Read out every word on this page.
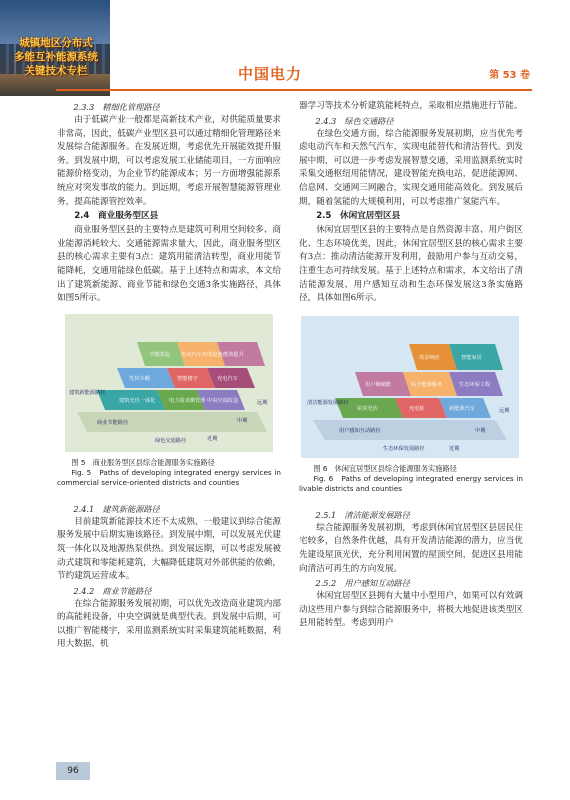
城镇地区分布式
多能互补能源系统
关键技术专栏	中国电力	第 53 卷

2.3.3　精细化管理路径

由于低碳产业一般都是高新技术产业，对供能质量要求非常高，因此，低碳产业型区县可以通过精细化管理路径来发展综合能源服务。在发展近期，考虑优先开展能效提升服务。到发展中期，可以考虑发展工业储能项目，一方面响应能源价格变动，为企业节约能源成本；另一方面增强能源系统应对突发事故的能力。到远期，考虑开展智慧能源管理业务，提高能源管控效率。

2.4　商业服务型区县

商业服务型区县的主要特点是建筑可利用空间较多、商业能源消耗较大、交通能源需求量大，因此，商业服务型区县的核心需求主要有3点：建筑用能清洁转型，商业用能节能降耗，交通用能绿色低碳。基于上述特点和需求，本文给出了建筑新能源、商业节能和绿色交通3条实施路径，具体如图5所示。

建筑光伏一体化	电力需求侧管理 中央空调改造
光伏车棚	智能楼宇	充电汽车
节能改造 电动汽车充电设施 能效提升
建筑新能源路径
商业节能路径
绿色交通路径	近期
中期
远期

图 5　商业服务型区县综合能源服务实施路径

Fig. 5　Paths of developing integrated energy services in commercial service-oriented districts and counties

2.4.1　建筑新能源路径

目前建筑新能源技术还不太成熟，一般建议到综合能源服务发展中后期实施该路径。到发展中期，可以发展光伏建筑一体化以及地源热泵供热。到发展远期，可以考虑发展被动式建筑和零能耗建筑，大幅降低建筑对外部供能的依赖，节约建筑运营成本。

2.4.2　商业节能路径

在综合能源服务发展初期，可以优先改造商业建筑内部的高能耗设备，中央空调就是典型代表。到发展中后期，可以推广智能楼宇，采用监测系统实时采集建筑能耗数据，利用大数据、机

器学习等技术分析建筑能耗特点，采取相应措施进行节能。

2.4.3　绿色交通路径

在绿色交通方面，综合能源服务发展初期，应当优先考虑电动汽车和天然气汽车，实现电能替代和清洁替代。到发展中期，可以进一步考虑发展智慧交通，采用监测系统实时采集交通枢纽用能情况，建设智能充换电站，促进能源网、信息网、交通网三网融合，实现交通用能高效化。到发展后期，随着氢能的大规模利用，可以考虑推广氢能汽车。

2.5　休闲宜居型区县

休闲宜居型区县的主要特点是自然资源丰富、用户街区化、生态环境优美，因此，休闲宜居型区县的核心需求主要有3点：推动清洁能源开发利用，鼓励用户参与互动交易，注重生态可持续发展。基于上述特点和需求，本文给出了清洁能源发展、用户感知互动和生态环保发展这3条实施路径，具体如图6所示。

屋顶光伏	充电桩	新能源汽车
用户侧储能	综合能源服务	生态环保工程
需求响应	智能家居
清洁能源发展路径
用户感知互动路径
生态环保发展路径	近期
中期
远期

图 6　休闲宜居型区县综合能源服务实施路径

Fig. 6　Paths of developing integrated energy services in livable districts and counties

2.5.1　清洁能源发展路径

综合能源服务发展初期，考虑到休闲宜居型区县居民住宅较多，自然条件优越，具有开发清洁能源的潜力，应当优先建设屋顶光伏，充分利用闲置的屋顶空间，促进区县用能向清洁可再生的方向发展。

2.5.2　用户感知互动路径

休闲宜居型区县拥有大量中小型用户，如果可以有效调动这些用户参与到综合能源服务中，将极大地促进该类型区县用能转型。考虑到用户

96
